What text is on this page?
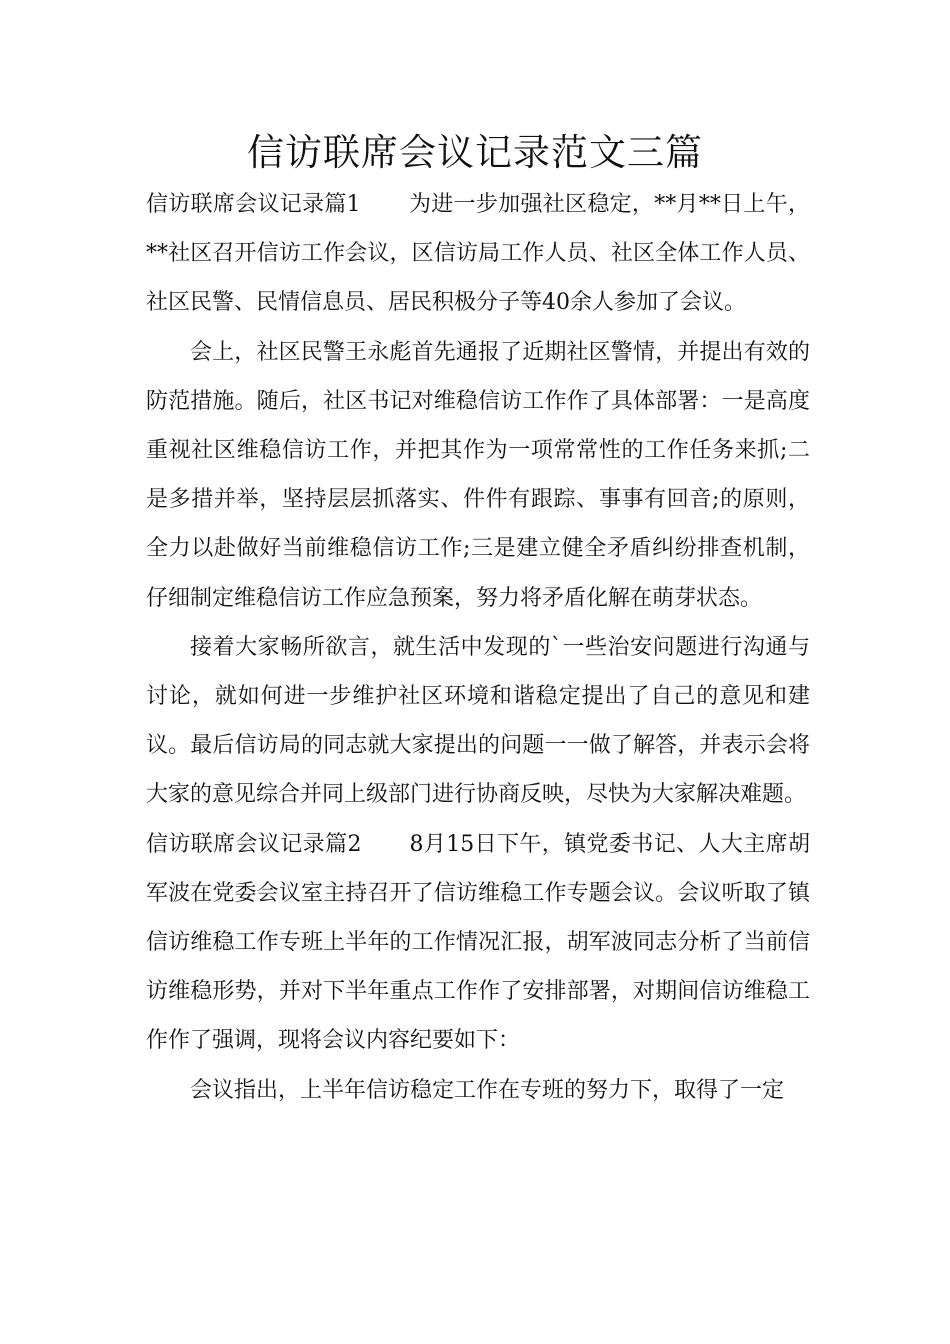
信访联席会议记录范文三篇

信访联席会议记录篇1 为进一步加强社区稳定，**月**日上午，**社区召开信访工作会议，区信访局工作人员、社区全体工作人员、社区民警、民情信息员、居民积极分子等40余人参加了会议。

会上，社区民警王永彪首先通报了近期社区警情，并提出有效的防范措施。随后，社区书记对维稳信访工作作了具体部署：一是高度重视社区维稳信访工作，并把其作为一项常常性的工作任务来抓;二是多措并举，坚持层层抓落实、件件有跟踪、事事有回音;的原则，全力以赴做好当前维稳信访工作;三是建立健全矛盾纠纷排查机制，仔细制定维稳信访工作应急预案，努力将矛盾化解在萌芽状态。

接着大家畅所欲言，就生活中发现的`一些治安问题进行沟通与讨论，就如何进一步维护社区环境和谐稳定提出了自己的意见和建议。最后信访局的同志就大家提出的问题一一做了解答，并表示会将大家的意见综合并同上级部门进行协商反映，尽快为大家解决难题。

信访联席会议记录篇2 8月15日下午，镇党委书记、人大主席胡军波在党委会议室主持召开了信访维稳工作专题会议。会议听取了镇信访维稳工作专班上半年的工作情况汇报，胡军波同志分析了当前信访维稳形势，并对下半年重点工作作了安排部署，对期间信访维稳工作作了强调，现将会议内容纪要如下：

会议指出，上半年信访稳定工作在专班的努力下，取得了一定
